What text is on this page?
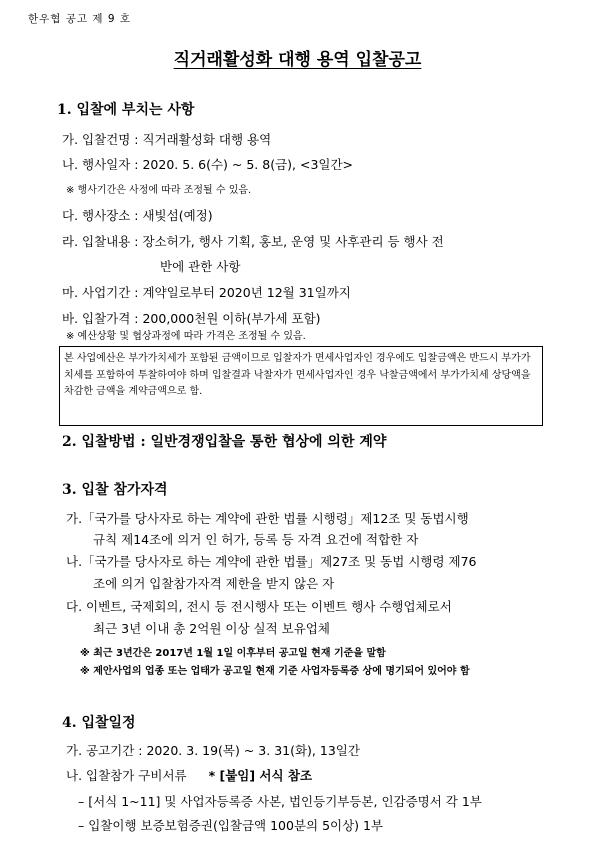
한우협 공고 제 9 호
직거래활성화 대행 용역 입찰공고
1. 입찰에 부치는 사항
가. 입찰건명 : 직거래활성화 대행 용역
나. 행사일자 : 2020. 5. 6(수) ~ 5. 8(금), <3일간>
※ 행사기간은 사정에 따라 조정될 수 있음.
다. 행사장소 : 새빛섬(예정)
라. 입찰내용 : 장소허가, 행사 기획, 홍보, 운영 및 사후관리 등 행사 전
반에 관한 사항
마. 사업기간 : 계약일로부터 2020년 12월 31일까지
바. 입찰가격 : 200,000천원 이하(부가세 포함)
※ 예산상황 및 협상과정에 따라 가격은 조정될 수 있음.
본 사업예산은 부가가치세가 포함된 금액이므로 입찰자가 면세사업자인 경우에도 입찰금액은 반드시 부가가치세를 포함하여 투찰하여야 하며 입찰결과 낙찰자가 면세사업자인 경우 낙찰금액에서 부가가치세 상당액을 차감한 금액을 계약금액으로 함.
2. 입찰방법 : 일반경쟁입찰을 통한 협상에 의한 계약
3. 입찰 참가자격
가.「국가를 당사자로 하는 계약에 관한 법률 시행령」제12조 및 동법시행
규칙 제14조에 의거 인 허가, 등록 등 자격 요건에 적합한 자
나.「국가를 당사자로 하는 계약에 관한 법률」제27조 및 동법 시행령 제76
조에 의거 입찰참가자격 제한을 받지 않은 자
다. 이벤트, 국제회의, 전시 등 전시행사 또는 이벤트 행사 수행업체로서
최근 3년 이내 총 2억원 이상 실적 보유업체
※ 최근 3년간은 2017년 1월 1일 이후부터 공고일 현재 기준을 말함
※ 제안사업의 업종 또는 업태가 공고일 현재 기준 사업자등록증 상에 명기되어 있어야 함
4. 입찰일정
가. 공고기간 : 2020. 3. 19(목) ~ 3. 31(화), 13일간
나. 입찰참가 구비서류 * [붙임] 서식 참조
– [서식 1~11] 및 사업자등록증 사본, 법인등기부등본, 인감증명서 각 1부
– 입찰이행 보증보험증권(입찰금액 100분의 5이상) 1부
